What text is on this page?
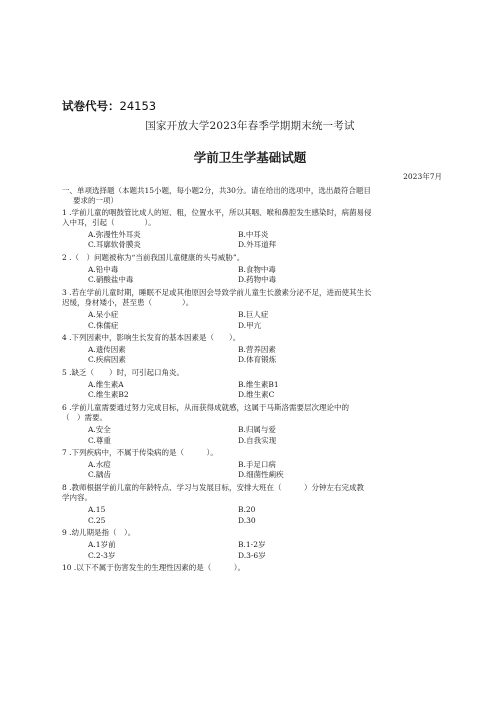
试卷代号：24153
国家开放大学2023年春季学期期末统一考试
学前卫生学基础试题
2023年7月

一、单项选择题（本题共15小题，每小题2分，共30分。请在给出的选项中，选出最符合题目

要求的一项）

1 .学前儿童的咽鼓管比成人的短、粗，位置水平，所以其咽、喉和鼻腔发生感染时，病菌易侵

入中耳，引起（　　　　）。

A.弥漫性外耳炎	B.中耳炎
C.耳廓软骨膜炎	D.外耳道拜

2 .（　）问题被称为“当前我国儿童健康的头号威胁”。

A.铅中毒	B.食物中毒
C.硝酸盐中毒	D.药物中毒

3 .若在学前儿童时期，睡眠不足或其他原因会导致学前儿童生长激素分泌不足，进而使其生长

迟缓，身材矮小，甚至患（　　　　）。

A.呆小症	B.巨人症
C.侏儒症	D.甲亢

4 .下列因素中，影响生长发育的基本因素是（　　）。

A.遗传因素	B.营养因素
C.疾病因素	D.体育锻炼

5 .缺乏（　　）时，可引起口角炎。

A.维生素A	B.维生素B1
C.维生素B2	D.维生素C

6 .学前儿童需要通过努力完成目标，从而获得成就感，这属于马斯洛需要层次理论中的

（　）需要。

A.安全	B.归属与爱
C.尊重	D.自我实现

7 .下列疾病中，不属于传染病的是（　　　）。

A.水痘	B.手足口病
C.龋齿	D.细菌性痢疾

8 .教师根据学前儿童的年龄特点、学习与发展目标，安排大班在（　　　）分钟左右完成教

学内容。

A.15	B.20
C.25	D.30

9 .幼儿期是指（　）。

A.1岁前	B.1-2岁
C.2-3岁	D.3-6岁

10 .以下不属于伤害发生的生理性因素的是（　　　）。
